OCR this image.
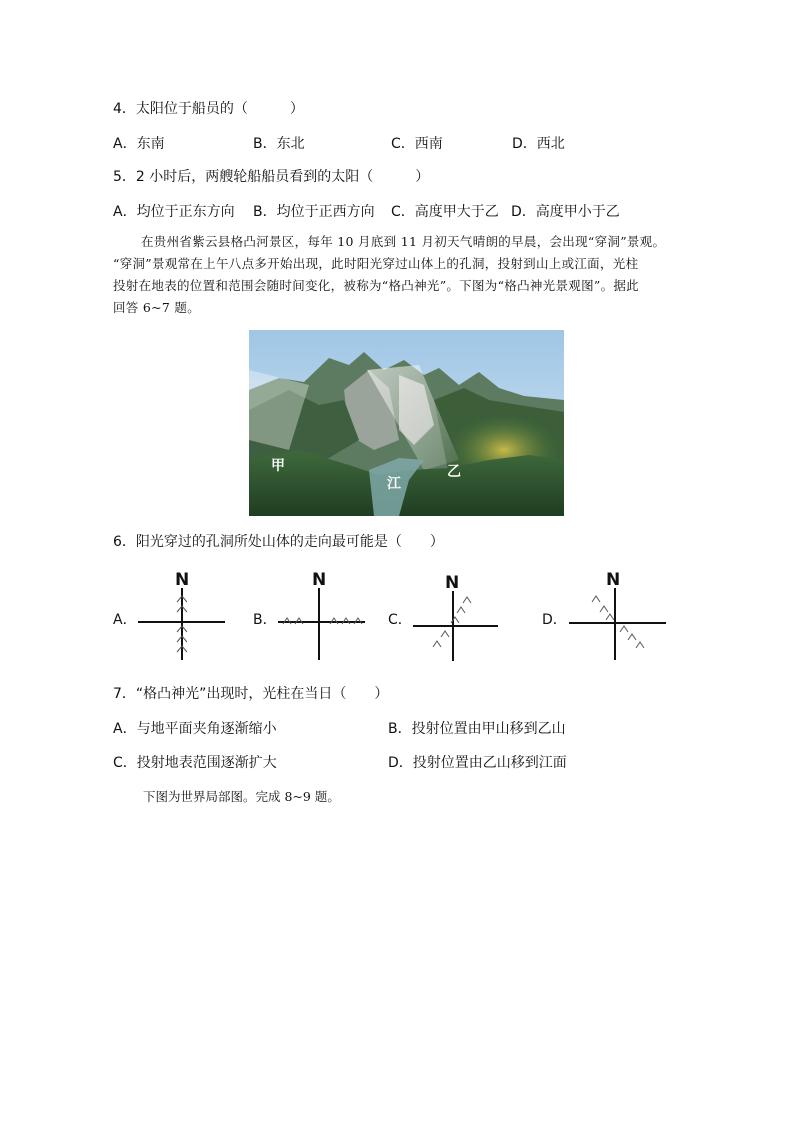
4．太阳位于船员的（　　　）
A．东南	B．东北	C．西南	D．西北
5．2 小时后，两艘轮船船员看到的太阳（　　　）
A．均位于正东方向 B．均位于正西方向 C．高度甲大于乙 D．高度甲小于乙

在贵州省紫云县格凸河景区，每年 10 月底到 11 月初天气晴朗的早晨，会出现“穿洞”景观。

“穿洞”景观常在上午八点多开始出现，此时阳光穿过山体上的孔洞，投射到山上或江面，光柱

投射在地表的位置和范围会随时间变化，被称为“格凸神光”。下图为“格凸神光景观图”。据此

回答 6~7 题。

甲
江
乙
6．阳光穿过的孔洞所处山体的走向最可能是（　　）
A．
N
B．
N
C．
N
D．
N
7．“格凸神光”出现时，光柱在当日（　　）
A．与地平面夹角逐渐缩小	B．投射位置由甲山移到乙山
C．投射地表范围逐渐扩大	D．投射位置由乙山移到江面
下图为世界局部图。完成 8~9 题。
